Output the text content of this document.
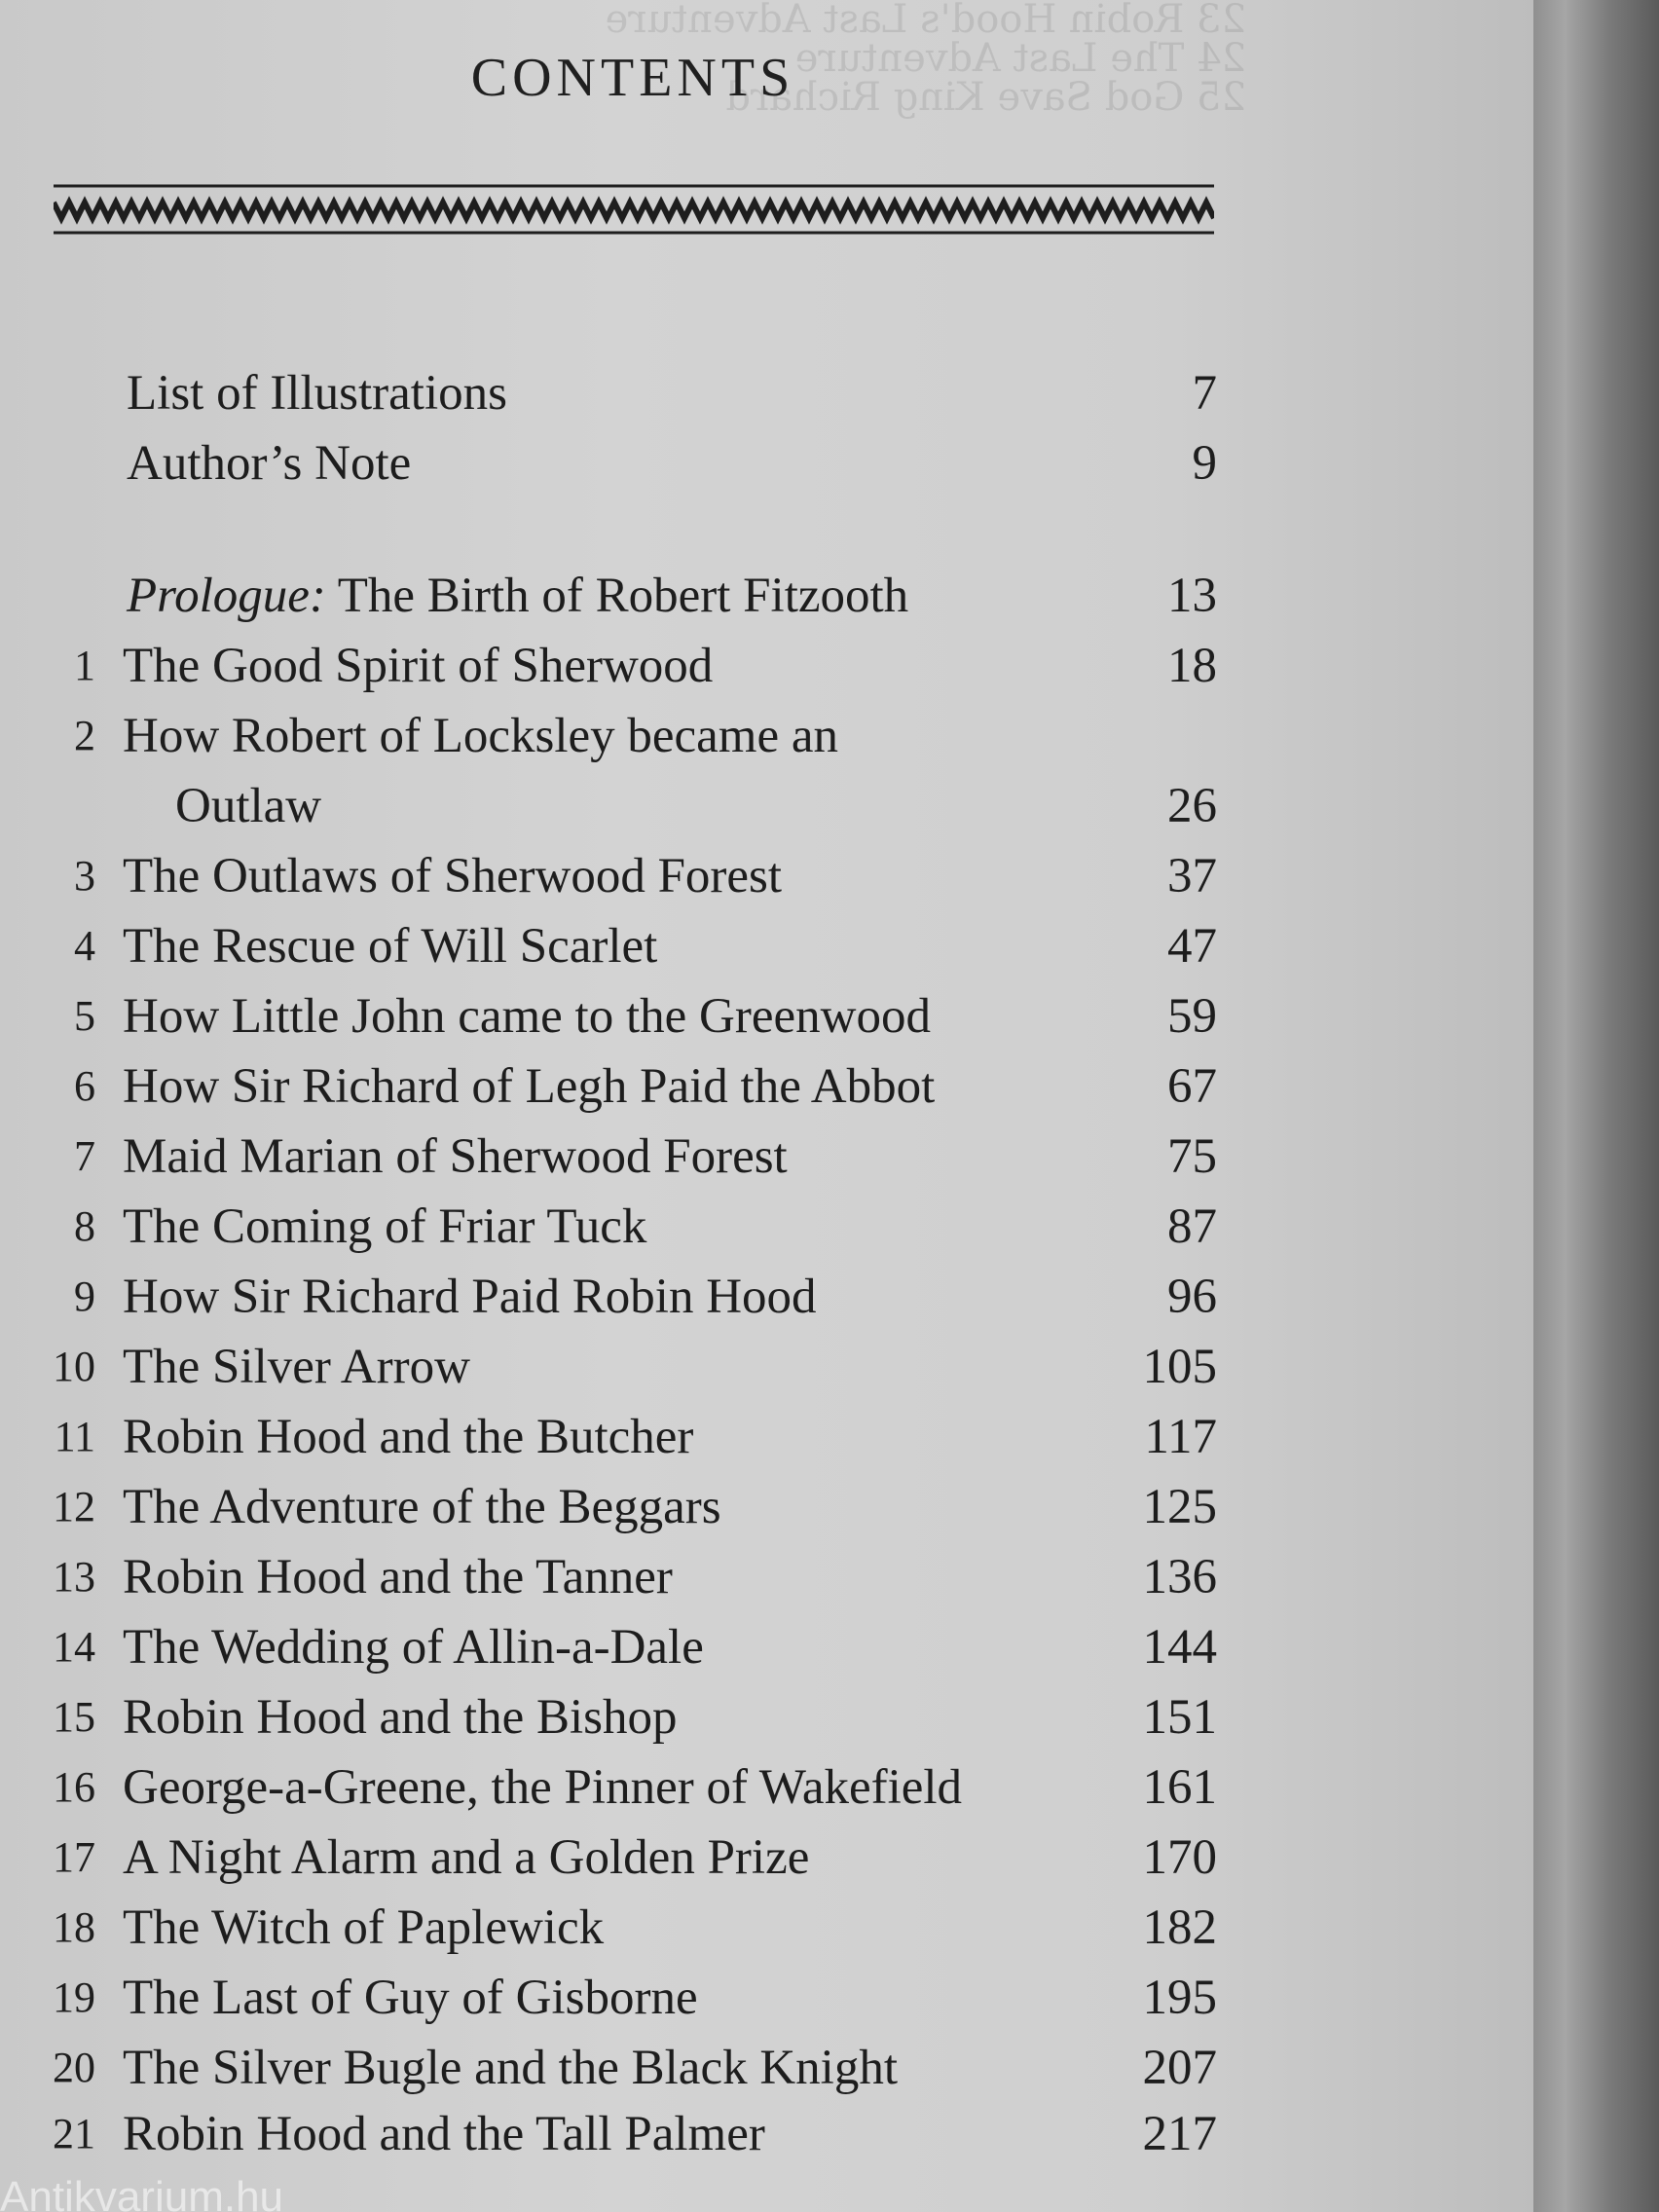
23 Robin Hood's Last Adventure
24 The Last Adventure
25 God Save King Richard
CONTENTS
List of Illustrations	7
Author’s Note	9
Prologue: The Birth of Robert Fitzooth	13
1 The Good Spirit of Sherwood	18
2 How Robert of Locksley became an
Outlaw	26
3 The Outlaws of Sherwood Forest	37
4 The Rescue of Will Scarlet	47
5 How Little John came to the Greenwood	59
6 How Sir Richard of Legh Paid the Abbot	67
7 Maid Marian of Sherwood Forest	75
8 The Coming of Friar Tuck	87
9 How Sir Richard Paid Robin Hood	96
10 The Silver Arrow	105
11 Robin Hood and the Butcher	117
12 The Adventure of the Beggars	125
13 Robin Hood and the Tanner	136
14 The Wedding of Allin-a-Dale	144
15 Robin Hood and the Bishop	151
16 George-a-Greene, the Pinner of Wakefield	161
17 A Night Alarm and a Golden Prize	170
18 The Witch of Paplewick	182
19 The Last of Guy of Gisborne	195
20 The Silver Bugle and the Black Knight	207
21 Robin Hood and the Tall Palmer	217
Antikvarium.hu
